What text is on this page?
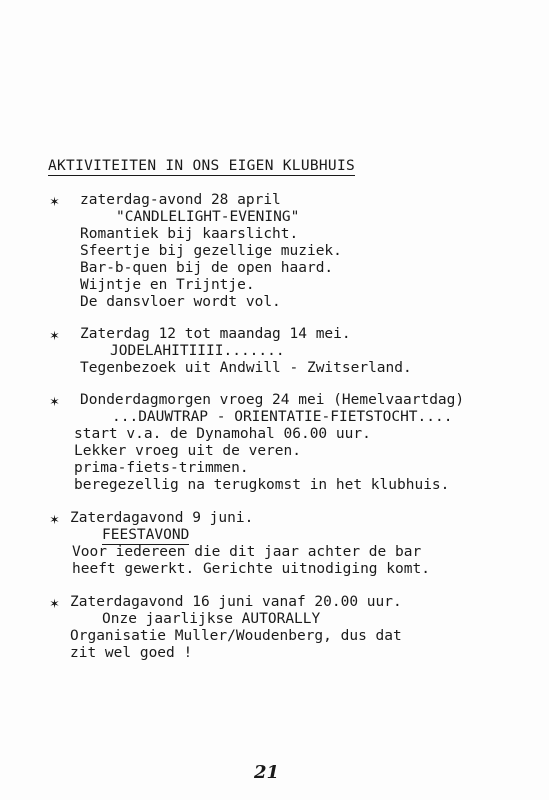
AKTIVITEITEN IN ONS EIGEN KLUBHUIS
✶ zaterdag-avond 28 april
"CANDLELIGHT-EVENING"
Romantiek bij kaarslicht.
Sfeertje bij gezellige muziek.
Bar-b-quen bij de open haard.
Wijntje en Trijntje.
De dansvloer wordt vol.
✶ Zaterdag 12 tot maandag 14 mei.
JODELAHITIIII.......
Tegenbezoek uit Andwill - Zwitserland.
✶ Donderdagmorgen vroeg 24 mei (Hemelvaartdag)
...DAUWTRAP - ORIENTATIE-FIETSTOCHT....
start v.a. de Dynamohal 06.00 uur.
Lekker vroeg uit de veren.
prima-fiets-trimmen.
beregezellig na terugkomst in het klubhuis.
✶ Zaterdagavond 9 juni.
FEESTAVOND
Voor iedereen die dit jaar achter de bar
heeft gewerkt. Gerichte uitnodiging komt.
✶ Zaterdagavond 16 juni vanaf 20.00 uur.
Onze jaarlijkse AUTORALLY
Organisatie Muller/Woudenberg, dus dat
zit wel goed !
21
